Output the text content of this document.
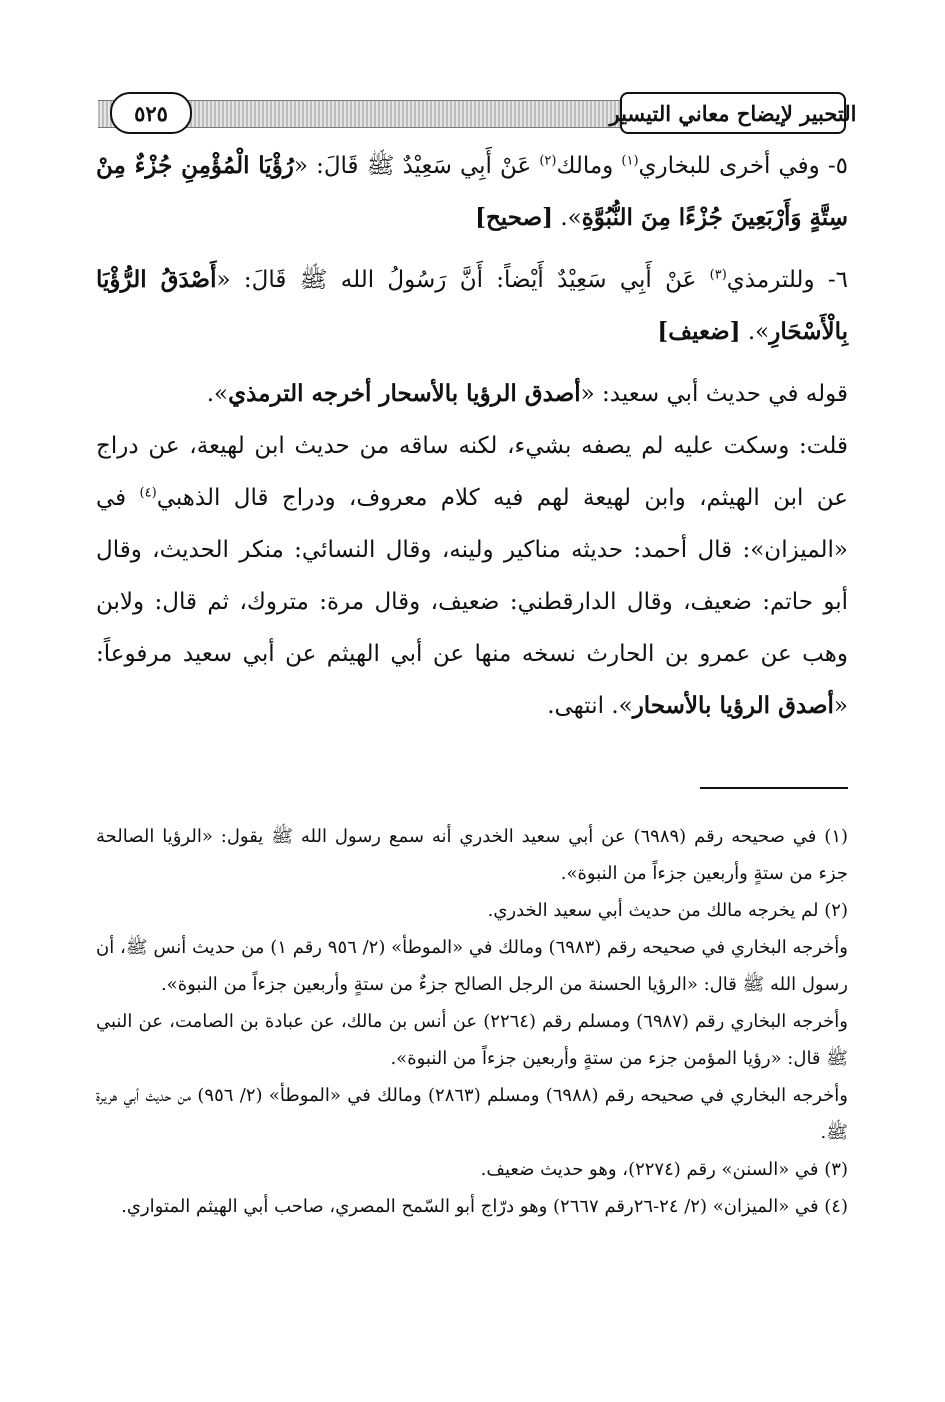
٥٢٥	التحبير لإيضاح معاني التيسير

٥- وفي أخرى للبخاري$^{(١)}$ ومالك$^{(٢)}$ عَنْ أَبِي سَعِيْدٌ ﷺ قَالَ: «رُؤْيَا الْمُؤْمِنِ جُزْءٌ مِنْ سِتَّةٍ وَأَرْبَعِينَ جُزْءًا مِنَ النُّبُوَّةِ». [صحيح]

٦- وللترمذي$^{(٣)}$ عَنْ أَبِي سَعِيْدٌ أَيْضاً: أَنَّ رَسُولُ الله ﷺ قَالَ: «أَصْدَقُ الرُّؤْيَا بِالْأَسْحَارِ». [ضعيف]

قوله في حديث أبي سعيد: «أصدق الرؤيا بالأسحار أخرجه الترمذي».

قلت: وسكت عليه لم يصفه بشيء، لكنه ساقه من حديث ابن لهيعة، عن دراج عن ابن الهيثم، وابن لهيعة لهم فيه كلام معروف، ودراج قال الذهبي$^{(٤)}$ في «الميزان»: قال أحمد: حديثه مناكير ولينه، وقال النسائي: منكر الحديث، وقال أبو حاتم: ضعيف، وقال الدارقطني: ضعيف، وقال مرة: متروك، ثم قال: ولابن وهب عن عمرو بن الحارث نسخه منها عن أبي الهيثم عن أبي سعيد مرفوعاً: «أصدق الرؤيا بالأسحار». انتهى.

(١) في صحيحه رقم (٦٩٨٩) عن أبي سعيد الخدري أنه سمع رسول الله ﷺ يقول: «الرؤيا الصالحة جزء من ستةٍ وأربعين جزءاً من النبوة».

(٢) لم يخرجه مالك من حديث أبي سعيد الخدري.

وأخرجه البخاري في صحيحه رقم (٦٩٨٣) ومالك في «الموطأ» (٢/ ٩٥٦ رقم ١) من حديث أنس ﷺ، أن رسول الله ﷺ قال: «الرؤيا الحسنة من الرجل الصالح جزءٌ من ستةٍ وأربعين جزءاً من النبوة».

وأخرجه البخاري رقم (٦٩٨٧) ومسلم رقم (٢٢٦٤) عن أنس بن مالك، عن عبادة بن الصامت، عن النبي ﷺ قال: «رؤيا المؤمن جزء من ستةٍ وأربعين جزءاً من النبوة».

وأخرجه البخاري في صحيحه رقم (٦٩٨٨) ومسلم (٢٨٦٣) ومالك في «الموطأ» (٢/ ٩٥٦) من حديث أبي هريرة ﷺ.

(٣) في «السنن» رقم (٢٢٧٤)، وهو حديث ضعيف.

(٤) في «الميزان» (٢/ ٢٤-٢٦رقم ٢٦٦٧) وهو درّاج أبو السّمح المصري، صاحب أبي الهيثم المتواري.
